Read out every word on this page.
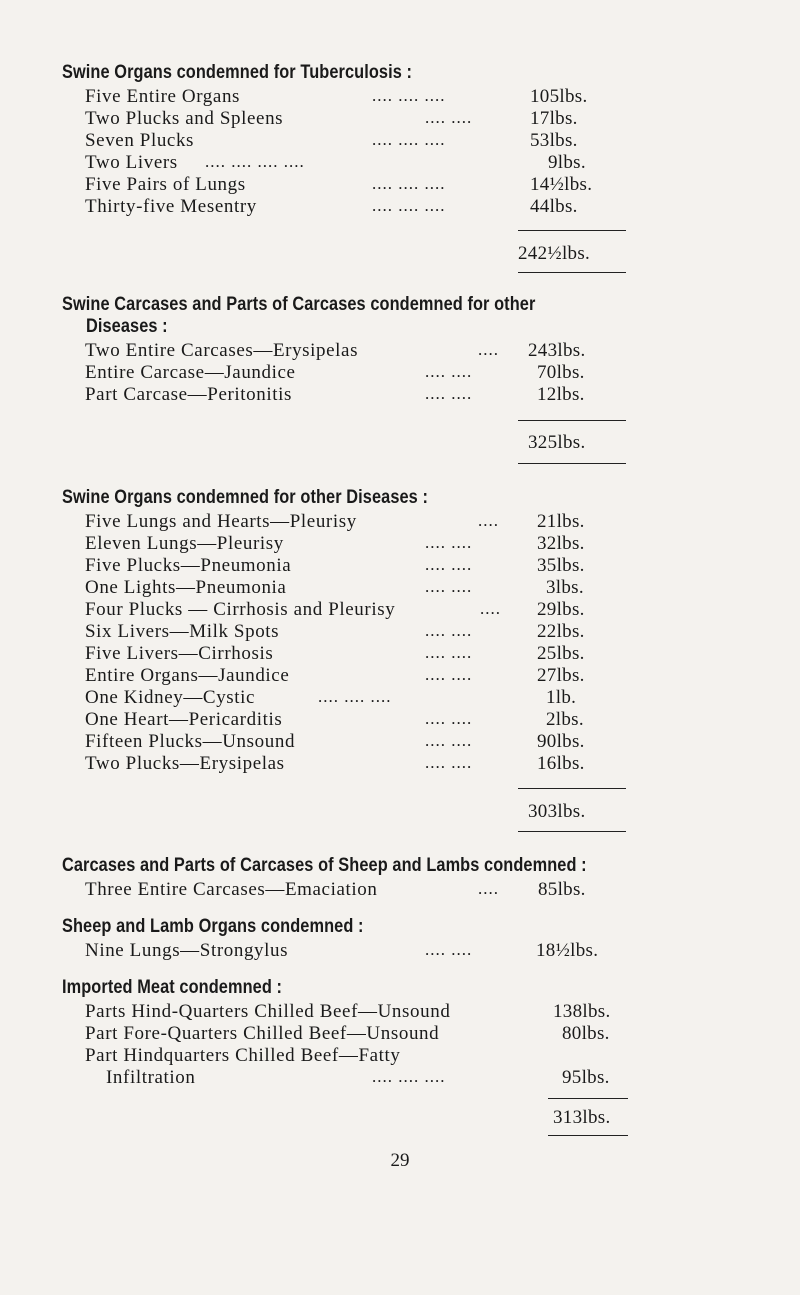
Swine Organs condemned for Tuberculosis :
Five Entire Organs	.... .... ....	105lbs.
Two Plucks and Spleens	.... ....	17lbs.
Seven Plucks	.... .... ....	53lbs.
Two Livers .... .... .... ....	9lbs.
Five Pairs of Lungs	.... .... ....	14½lbs.
Thirty-five Mesentry	.... .... ....	44lbs.
242½lbs.
Swine Carcases and Parts of Carcases condemned for other
Diseases :
Two Entire Carcases—Erysipelas	.... 243lbs.
Entire Carcase—Jaundice	.... ....	70lbs.
Part Carcase—Peritonitis	.... ....	12lbs.
325lbs.
Swine Organs condemned for other Diseases :
Five Lungs and Hearts—Pleurisy	.... 21lbs.
Eleven Lungs—Pleurisy	.... ....	32lbs.
Five Plucks—Pneumonia	.... ....	35lbs.
One Lights—Pneumonia	.... ....	3lbs.
Four Plucks — Cirrhosis and Pleurisy	.... 29lbs.
Six Livers—Milk Spots	.... ....	22lbs.
Five Livers—Cirrhosis	.... ....	25lbs.
Entire Organs—Jaundice	.... ....	27lbs.
One Kidney—Cystic	.... .... ....	1lb.
One Heart—Pericarditis	.... ....	2lbs.
Fifteen Plucks—Unsound	.... ....	90lbs.
Two Plucks—Erysipelas	.... ....	16lbs.
303lbs.
Carcases and Parts of Carcases of Sheep and Lambs condemned :
Three Entire Carcases—Emaciation	.... 85lbs.
Sheep and Lamb Organs condemned :
Nine Lungs—Strongylus	.... ....	18½lbs.
Imported Meat condemned :
Parts Hind-Quarters Chilled Beef—Unsound	138lbs.
Part Fore-Quarters Chilled Beef—Unsound	80lbs.
Part Hindquarters Chilled Beef—Fatty
Infiltration	.... .... ....	95lbs.
313lbs.
29
